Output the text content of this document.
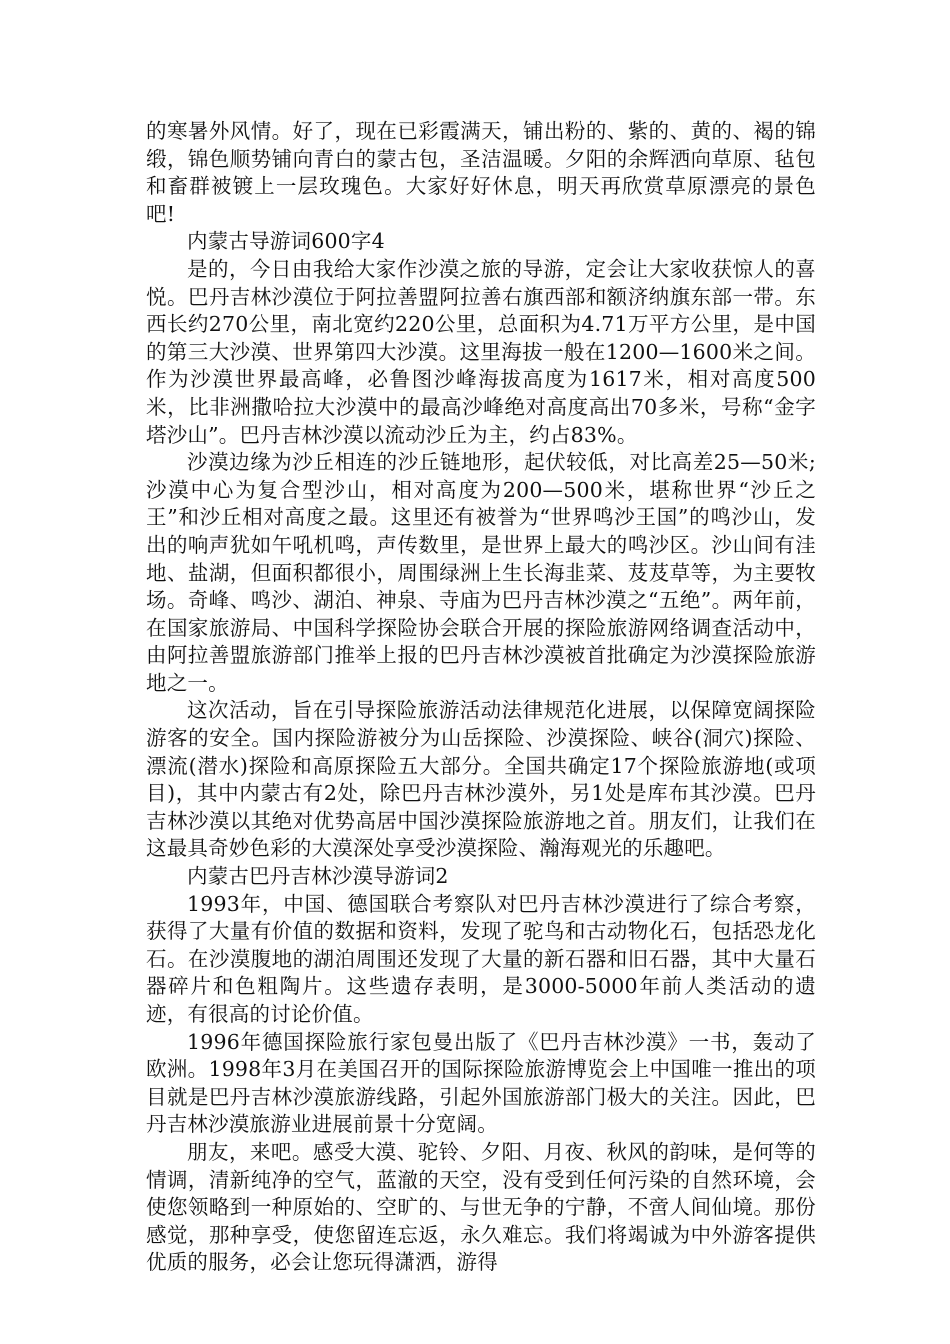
的寒暑外风情。好了，现在已彩霞满天，铺出粉的、紫的、黄的、褐的锦缎，锦色顺势铺向青白的蒙古包，圣洁温暖。夕阳的余辉洒向草原、毡包和畜群被镀上一层玫瑰色。大家好好休息，明天再欣赏草原漂亮的景色吧!

内蒙古导游词600字4

是的，今日由我给大家作沙漠之旅的导游，定会让大家收获惊人的喜悦。巴丹吉林沙漠位于阿拉善盟阿拉善右旗西部和额济纳旗东部一带。东西长约270公里，南北宽约220公里，总面积为4.71万平方公里，是中国的第三大沙漠、世界第四大沙漠。这里海拔一般在1200—1600米之间。作为沙漠世界最高峰，必鲁图沙峰海拔高度为1617米，相对高度500米，比非洲撒哈拉大沙漠中的最高沙峰绝对高度高出70多米，号称“金字塔沙山”。巴丹吉林沙漠以流动沙丘为主，约占83%。

沙漠边缘为沙丘相连的沙丘链地形，起伏较低，对比高差25—50米;沙漠中心为复合型沙山，相对高度为200—500米，堪称世界“沙丘之王”和沙丘相对高度之最。这里还有被誉为“世界鸣沙王国”的鸣沙山，发出的响声犹如午吼机鸣，声传数里，是世界上最大的鸣沙区。沙山间有洼地、盐湖，但面积都很小，周围绿洲上生长海韭菜、芨芨草等，为主要牧场。奇峰、鸣沙、湖泊、神泉、寺庙为巴丹吉林沙漠之“五绝”。两年前，在国家旅游局、中国科学探险协会联合开展的探险旅游网络调查活动中，由阿拉善盟旅游部门推举上报的巴丹吉林沙漠被首批确定为沙漠探险旅游地之一。

这次活动，旨在引导探险旅游活动法律规范化进展，以保障宽阔探险游客的安全。国内探险游被分为山岳探险、沙漠探险、峡谷(洞穴)探险、漂流(潜水)探险和高原探险五大部分。全国共确定17个探险旅游地(或项目)，其中内蒙古有2处，除巴丹吉林沙漠外，另1处是库布其沙漠。巴丹吉林沙漠以其绝对优势高居中国沙漠探险旅游地之首。朋友们，让我们在这最具奇妙色彩的大漠深处享受沙漠探险、瀚海观光的乐趣吧。

内蒙古巴丹吉林沙漠导游词2

1993年，中国、德国联合考察队对巴丹吉林沙漠进行了综合考察，获得了大量有价值的数据和资料，发现了驼鸟和古动物化石，包括恐龙化石。在沙漠腹地的湖泊周围还发现了大量的新石器和旧石器，其中大量石器碎片和色粗陶片。这些遗存表明，是3000-5000年前人类活动的遗迹，有很高的讨论价值。

1996年德国探险旅行家包曼出版了《巴丹吉林沙漠》一书，轰动了欧洲。1998年3月在美国召开的国际探险旅游博览会上中国唯一推出的项目就是巴丹吉林沙漠旅游线路，引起外国旅游部门极大的关注。因此，巴丹吉林沙漠旅游业进展前景十分宽阔。

朋友，来吧。感受大漠、驼铃、夕阳、月夜、秋风的韵味，是何等的情调，清新纯净的空气，蓝澈的天空，没有受到任何污染的自然环境，会使您领略到一种原始的、空旷的、与世无争的宁静，不啻人间仙境。那份感觉，那种享受，使您留连忘返，永久难忘。我们将竭诚为中外游客提供优质的服务，必会让您玩得潇洒，游得
